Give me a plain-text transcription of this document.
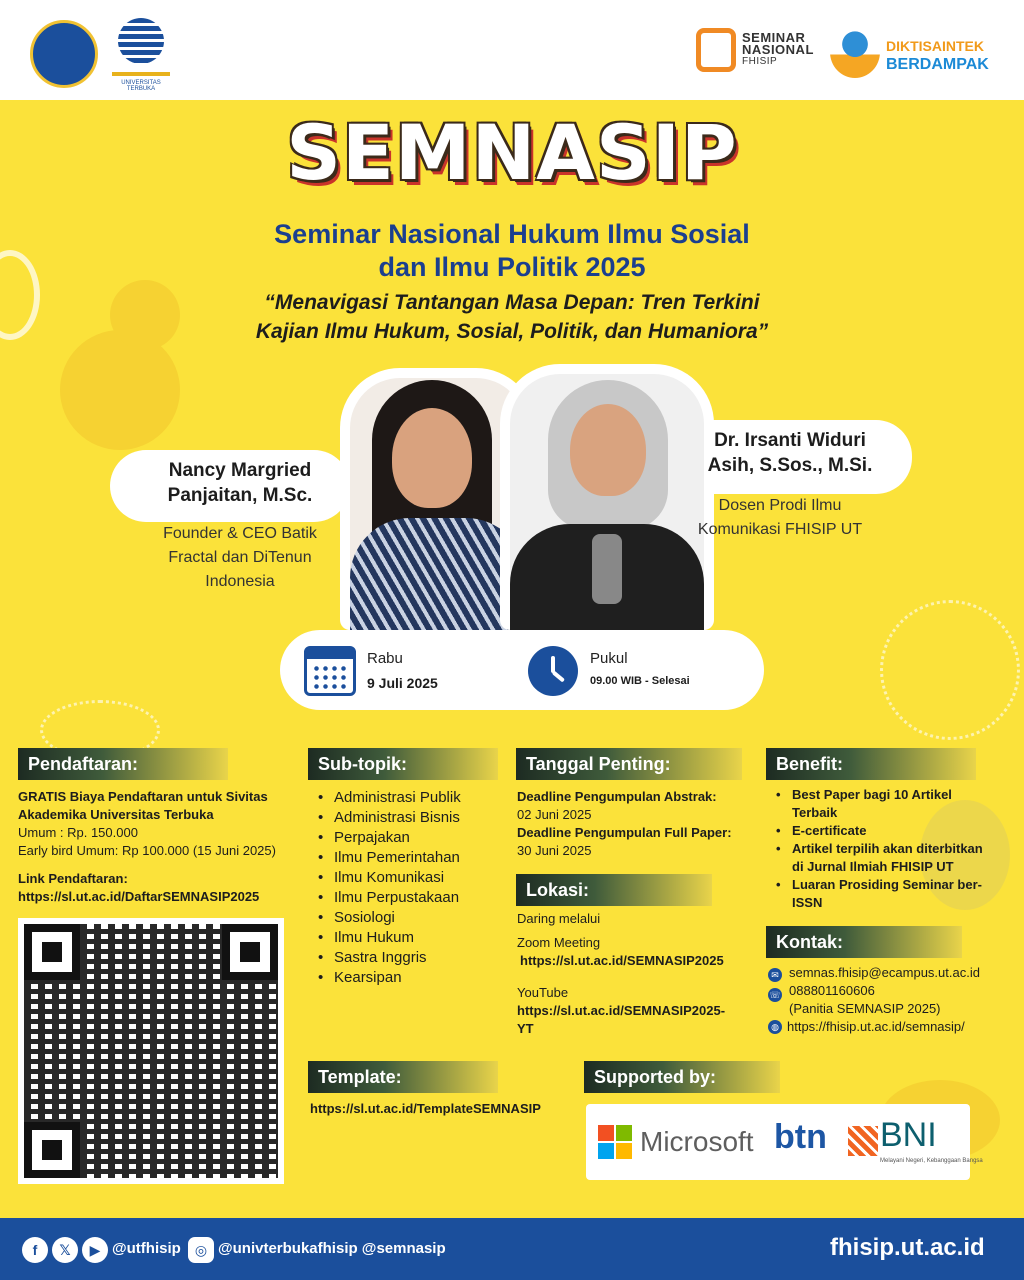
UNIVERSITAS TERBUKA
SEMINAR
NASIONAL
FHISIP
DIKTISAINTEK
BERDAMPAK
SEMNASIP
Seminar Nasional Hukum Ilmu Sosial
dan Ilmu Politik 2025
“Menavigasi Tantangan Masa Depan: Tren Terkini
Kajian Ilmu Hukum, Sosial, Politik, dan Humaniora”
Nancy Margried
Panjaitan, M.Sc.
Founder & CEO Batik
Fractal dan DiTenun
Indonesia
Dr. Irsanti Widuri
Asih, S.Sos., M.Si.
Dosen Prodi Ilmu
Komunikasi FHISIP UT
Rabu
9 Juli 2025
Pukul
09.00 WIB - Selesai
Pendaftaran:	Sub-topik:	Tanggal Penting:	Benefit:
Lokasi:
Kontak:
Template:	Supported by:
GRATIS Biaya Pendaftaran untuk Sivitas
Akademika Universitas Terbuka
Umum : Rp. 150.000
Early bird Umum: Rp 100.000 (15 Juni 2025)
Link Pendaftaran:
https://sl.ut.ac.id/DaftarSEMNASIP2025
• Administrasi Publik
• Administrasi Bisnis
• Perpajakan
• Ilmu Pemerintahan
• Ilmu Komunikasi
• Ilmu Perpustakaan
• Sosiologi
• Ilmu Hukum
• Sastra Inggris
• Kearsipan
Deadline Pengumpulan Abstrak:
02 Juni 2025
Deadline Pengumpulan Full Paper:
30 Juni 2025
Daring melalui
Zoom Meeting
https://sl.ut.ac.id/SEMNASIP2025
YouTube
https://sl.ut.ac.id/SEMNASIP2025-
YT
• Best Paper bagi 10 Artikel
Terbaik
• E-certificate
• Artikel terpilih akan diterbitkan
di Jurnal Ilmiah FHISIP UT
• Luaran Prosiding Seminar ber-
ISSN
✉ semnas.fhisip@ecampus.ut.ac.id
☏ 088801160606
(Panitia SEMNASIP 2025)
◍ https://fhisip.ut.ac.id/semnasip/
https://sl.ut.ac.id/TemplateSEMNASIP
Microsoft btn BNI
Melayani Negeri, Kebanggaan Bangsa
f	𝕏	▶ @utfhisip	◎ @univterbukafhisip @semnasip	fhisip.ut.ac.id
